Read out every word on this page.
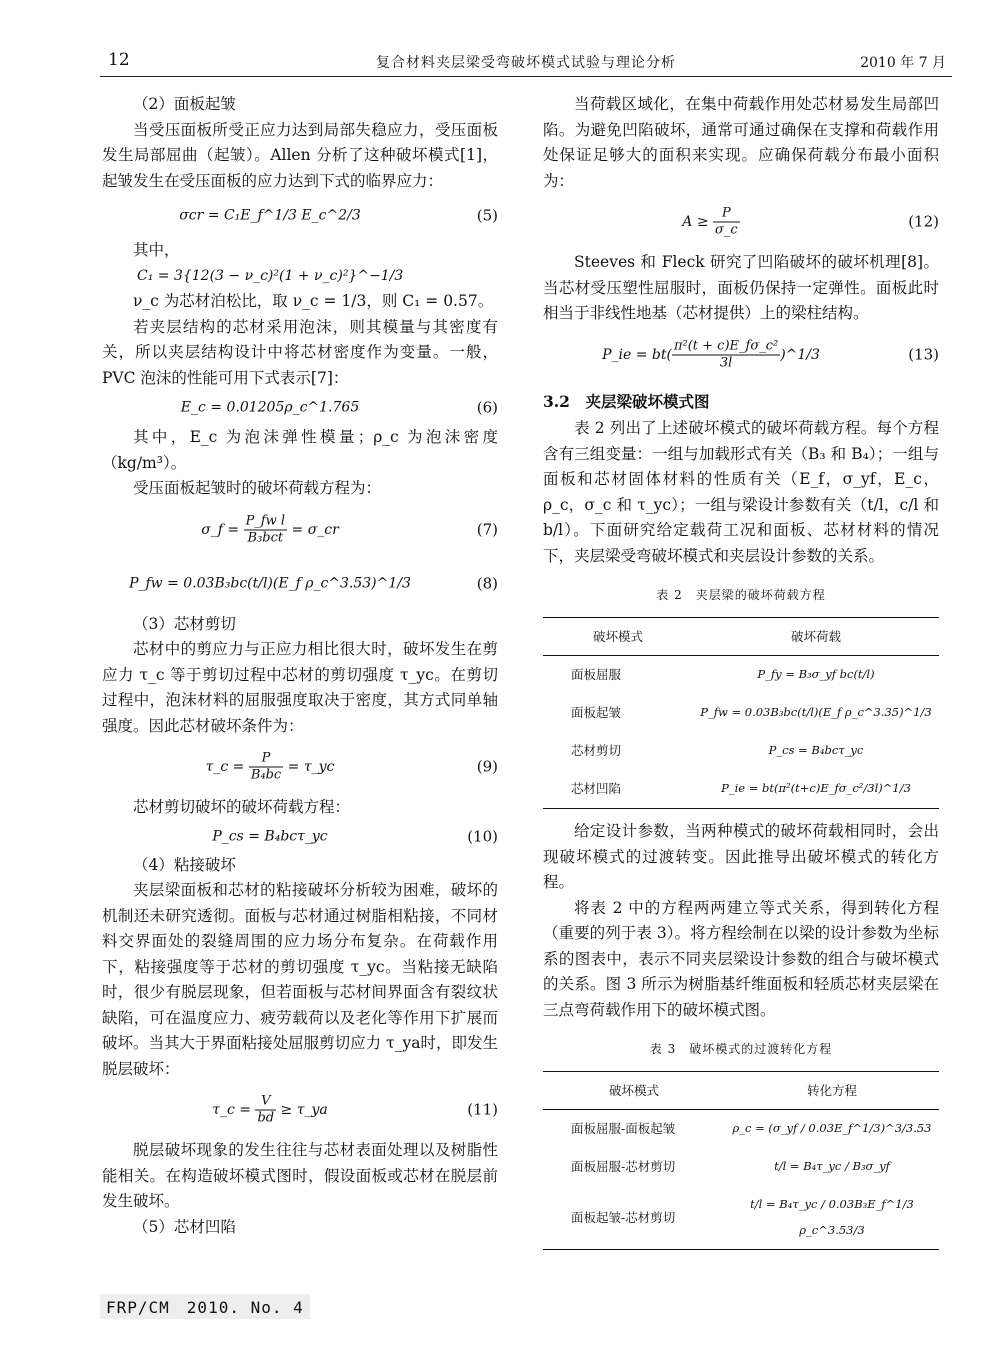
12	复合材料夹层梁受弯破坏模式试验与理论分析	2010 年 7 月

（2）面板起皱

当受压面板所受正应力达到局部失稳应力，受压面板发生局部屈曲（起皱）。Allen 分析了这种破坏模式[1]，起皱发生在受压面板的应力达到下式的临界应力：

σcr = C₁E_f^1/3 E_c^2/3	(5)

其中，

C₁ = 3{12(3 − ν_c)²(1 + ν_c)²}^−1/3

ν_c 为芯材泊松比，取 ν_c = 1/3，则 C₁ = 0.57。

若夹层结构的芯材采用泡沫，则其模量与其密度有关，所以夹层结构设计中将芯材密度作为变量。一般，PVC 泡沫的性能可用下式表示[7]：

E_c = 0.01205ρ_c^1.765	(6)

其中，E_c 为泡沫弹性模量；ρ_c 为泡沫密度（kg/m³）。

受压面板起皱时的破坏荷载方程为：

σ_f =
P_fw l
B₃bct = σ_cr	(7)
P_fw = 0.03B₃bc(t/l)(E_f ρ_c^3.53)^1/3	(8)

（3）芯材剪切

芯材中的剪应力与正应力相比很大时，破坏发生在剪应力 τ_c 等于剪切过程中芯材的剪切强度 τ_yc。在剪切过程中，泡沫材料的屈服强度取决于密度，其方式同单轴强度。因此芯材破坏条件为：

τ_c = $\frac{P}{\text{B₄bc}}$ = τ_yc	(9)

芯材剪切破坏的破坏荷载方程：

P_cs = B₄bcτ_yc	(10)

（4）粘接破坏

夹层梁面板和芯材的粘接破坏分析较为困难，破坏的机制还未研究透彻。面板与芯材通过树脂相粘接，不同材料交界面处的裂缝周围的应力场分布复杂。在荷载作用下，粘接强度等于芯材的剪切强度 τ_yc。当粘接无缺陷时，很少有脱层现象，但若面板与芯材间界面含有裂纹状缺陷，可在温度应力、疲劳载荷以及老化等作用下扩展而破坏。当其大于界面粘接处屈服剪切应力 τ_ya时，即发生脱层破坏：

τ_c = $\frac{V}{bd}$ ≥ τ_ya	(11)

脱层破坏现象的发生往往与芯材表面处理以及树脂性能相关。在构造破坏模式图时，假设面板或芯材在脱层前发生破坏。

（5）芯材凹陷

当荷载区域化，在集中荷载作用处芯材易发生局部凹陷。为避免凹陷破坏，通常可通过确保在支撑和荷载作用处保证足够大的面积来实现。应确保荷载分布最小面积为：

$A \ge \frac{P}{\sigma\_c}$	(12)

Steeves 和 Fleck 研究了凹陷破坏的破坏机理[8]。当芯材受压塑性屈服时，面板仍保持一定弹性。面板此时相当于非线性地基（芯材提供）上的梁柱结构。

P_ie = $bt( \frac{\text{π²(t + c)E\_fσ\_c²}}{3l}$ )^1/3	(13)

3.2　夹层梁破坏模式图

表 2 列出了上述破坏模式的破坏荷载方程。每个方程含有三组变量：一组与加载形式有关（B₃ 和 B₄）；一组与面板和芯材固体材料的性质有关（E_f，σ_yf，E_c，ρ_c，σ_c 和 τ_yc）；一组与梁设计参数有关（t/l，c/l 和 b/l）。下面研究给定载荷工况和面板、芯材材料的情况下，夹层梁受弯破坏模式和夹层设计参数的关系。

表 2　夹层梁的破坏荷载方程

破坏模式	破坏荷载
面板屈服	P_fy = B₃σ_yf bc(t/l)
面板起皱	P_fw = 0.03B₃bc(t/l)(E_f ρ_c^3.35)^1/3
芯材剪切	P_cs = B₄bcτ_yc
芯材凹陷	P_ie = bt(π²(t+c)E_fσ_c²/3l)^1/3

给定设计参数，当两种模式的破坏荷载相同时，会出现破坏模式的过渡转变。因此推导出破坏模式的转化方程。

将表 2 中的方程两两建立等式关系，得到转化方程（重要的列于表 3）。将方程绘制在以梁的设计参数为坐标系的图表中，表示不同夹层梁设计参数的组合与破坏模式的关系。图 3 所示为树脂基纤维面板和轻质芯材夹层梁在三点弯荷载作用下的破坏模式图。

表 3　破坏模式的过渡转化方程

破坏模式	转化方程
面板屈服-面板起皱	ρ_c = (σ_yf / 0.03E_f^1/3)^3/3.53
面板屈服-芯材剪切	t/l = B₄τ_yc / B₃σ_yf
面板起皱-芯材剪切	t/l = B₄τ_yc / 0.03B₃E_f^1/3 ρ_c^3.53/3
FRP/CM　2010. No. 4
